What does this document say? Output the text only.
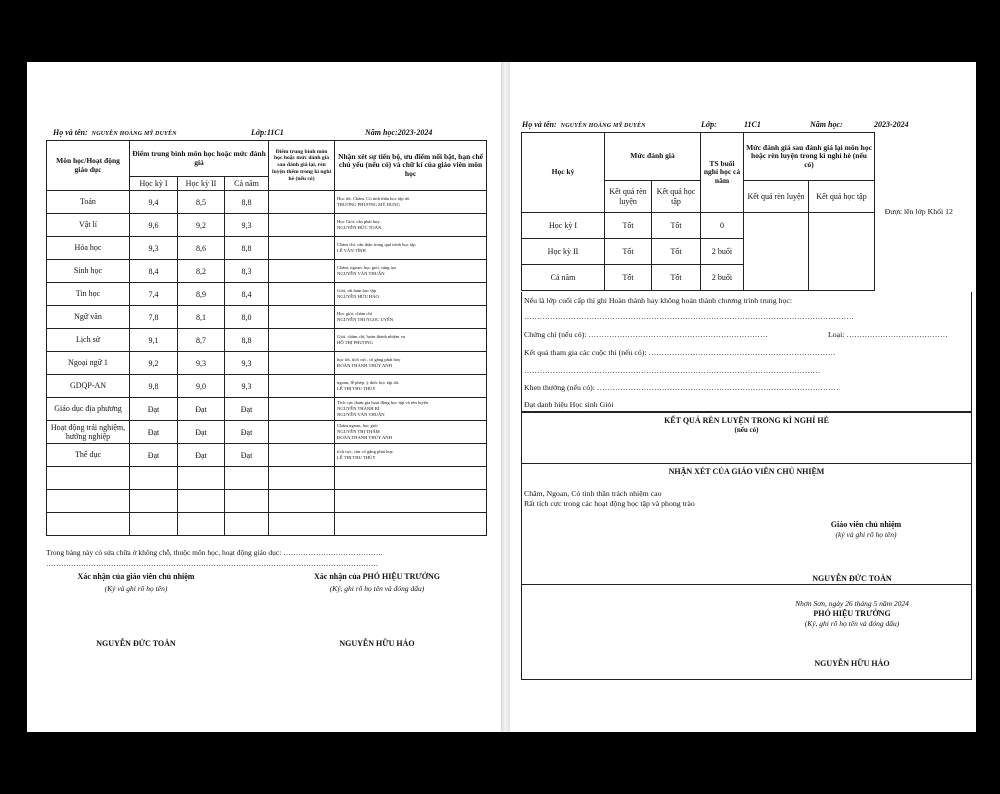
Họ và tên: NGUYỄN HOÀNG MỸ DUYÊN	Lớp:11C1	Năm học:2023-2024
Môn học/Hoạt động giáo dục	Điểm trung bình môn học hoặc mức đánh giá			Điểm trung bình môn học hoặc mức đánh giá sau đánh giá lại, rèn luyện thêm trong kì nghỉ hè (nếu có)	Nhận xét sự tiến bộ, ưu điểm nổi bật, hạn chế chủ yếu (nếu có) và chữ kí của giáo viên môn học
	Học kỳ I	Học kỳ II	Cả năm		
Toán	9,4	8,5	8,8		Học tốt. Chăm. Có tinh thần học tập tốt
TRƯƠNG PHƯƠNG MỸ DUNG

Vật lí	9,6	9,2	9,3		Học Giỏi, cần phát huy
NGUYỄN ĐỨC TOÀN

Hóa học	9,3	8,6	8,8		Chăm chỉ, cẩn thận trong quá trình học tập
LÊ VĂN TÍNH

Sinh học	8,4	8,2	8,3		Chăm, ngoan, học giỏi, sáng tạo
NGUYỄN VĂN THUẬN

Tin học	7,4	8,9	8,4		Giỏi, rất ham học tập
NGUYỄN HỮU HẢO

Ngữ văn	7,8	8,1	8,0		Học giỏi, chăm chỉ
NGUYỄN THỊ NGỌC UYÊN

Lịch sử	9,1	8,7	8,8		Giỏi, chăm chỉ, hoàn thành nhiệm vụ
HỒ THỊ PHƯỢNG

Ngoại ngữ 1	9,2	9,3	9,3		học tốt, tích cực, cố gắng phát huy
ĐOÀN THANH THỦY ANH

GDQP-AN	9,8	9,0	9,3		ngoan, lễ phép, ý thức học tập tốt.
LÊ THỊ THU THỦY

Giáo dục địa phương	Đạt	Đạt	Đạt		Tích cực tham gia hoạt động học tập và rèn luyện
NGUYỄN THÀNH BÌ
NGUYỄN VĂN THUẬN

Hoạt động trải nghiệm, hướng nghiệp	Đạt	Đạt	Đạt		Chăm ngoan, học giỏi
NGUYỄN THỊ THẮM
ĐOÀN THANH THỦY ANH

Thể dục	Đạt	Đạt	Đạt		tích cực, cần cố gắng phát huy.
LÊ THỊ THU THỦY

Trong bảng này có sửa chữa ở không chỗ, thuộc môn học, hoạt động giáo dục: ………………………………….
…………………………………………………………………………………………………………………….
Xác nhận của giáo viên chủ nhiệm
(Ký và ghi rõ họ tên)
NGUYỄN ĐỨC TOÀN
Xác nhận của PHÓ HIỆU TRƯỞNG
(Ký, ghi rõ họ tên và đóng dấu)
NGUYỄN HỮU HẢO
Họ và tên: NGUYỄN HOÀNG MỸ DUYÊN	Lớp:	11C1	Năm học:	2023-2024
Học kỳ	Mức đánh giá		TS buổi nghỉ học cả năm	Mức đánh giá sau đánh giá lại môn học hoặc rèn luyện trong kì nghỉ hè (nếu có)		Được lên lớp Khối 12
	Kết quả rèn luyện	Kết quả học tập		Kết quả rèn luyện	Kết quả học tập	
Học kỳ I	Tốt	Tốt	0			
Học kỳ II	Tốt	Tốt	2 buổi			
Cả năm	Tốt	Tốt	2 buổi			
Nếu là lớp cuối cấp thì ghi Hoàn thành hay không hoàn thành chương trình trung học:
……………………………………………………………………………………………………………….
Chứng chỉ (nếu có): ……………………………………………………………	Loại: …………………………………
Kết quả tham gia các cuộc thi (nếu có): ………………………………………………………………
……………………………………………………………………………………………………
Khen thưởng (nếu có): …………………………………………………………………………………
Đạt danh hiệu Học sinh Giỏi
KẾT QUẢ RÈN LUYỆN TRONG KÌ NGHỈ HÈ
(nếu có)
NHẬN XÉT CỦA GIÁO VIÊN CHỦ NHIỆM
Chăm, Ngoan, Có tinh thần trách nhiệm cao
Rất tích cực trong các hoạt động học tập và phong trào
Giáo viên chủ nhiệm
(ký và ghi rõ họ tên)
NGUYỄN ĐỨC TOÀN
Nhơn Sơn, ngày 26 tháng 5 năm 2024
PHÓ HIỆU TRƯỞNG
(Ký, ghi rõ họ tên và đóng dấu)
NGUYỄN HỮU HẢO
